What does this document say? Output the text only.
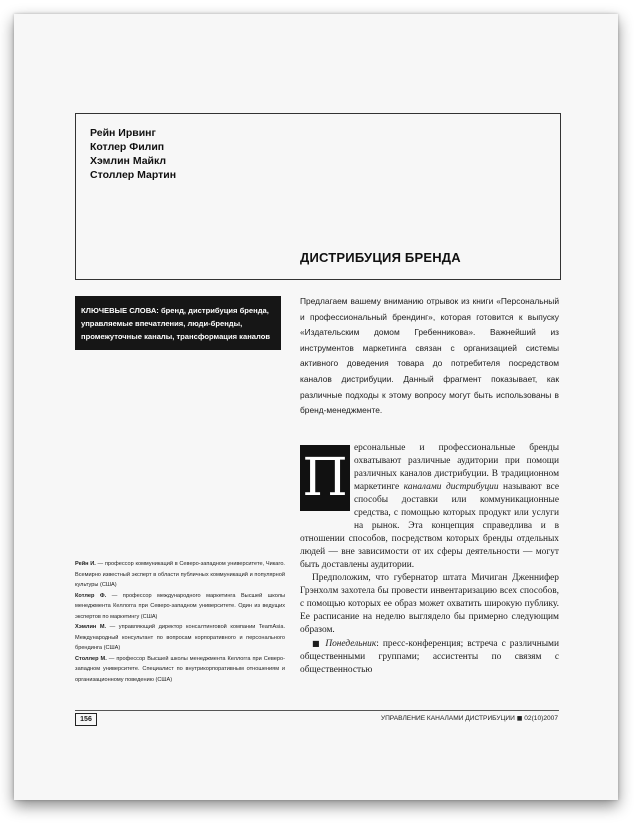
Рейн Ирвинг
Котлер Филип
Хэмлин Майкл
Столлер Мартин
ДИСТРИБУЦИЯ БРЕНДА
КЛЮЧЕВЫЕ СЛОВА: бренд, дистрибуция бренда, управляемые впечатления, люди-бренды, промежуточные каналы, трансформация каналов

Предлагаем вашему вниманию отрывок из книги «Персональный и профессиональный брендинг», которая готовится к выпуску «Издательским домом Гребенникова». Важнейший из инструментов маркетинга связан с организацией системы активного доведения товара до потребителя посредством каналов дистрибуции. Данный фрагмент показывает, как различные подходы к этому вопросу могут быть использованы в бренд-менеджменте.

П ерсональные и профессиональные бренды охватывают различные аудитории при помощи различных каналов дистрибуции. В традиционном маркетинге каналами дистрибуции называют все способы доставки или коммуникационные средства, с помощью которых продукт или услуги на рынок. Эта концепция справедлива и в отношении способов, посредством которых бренды отдельных людей — вне зависимости от их сферы деятельности — могут быть доставлены аудитории.

Предположим, что губернатор штата Мичиган Дженнифер Грэнхолм захотела бы провести инвентаризацию всех способов, с помощью которых ее образ может охватить широкую публику. Ее расписание на неделю выглядело бы примерно следующим образом.

■ Понедельник: пресс-конференция; встреча с различными общественными группами; ассистенты по связям с общественностью

Рейн И. — профессор коммуникаций в Северо-западном университете, Чикаго. Всемирно известный эксперт в области публичных коммуникаций и популярной культуры (США)

Котлер Ф. — профессор международного маркетинга Высшей школы менеджмента Келлогга при Северо-западном университете. Один из ведущих экспертов по маркетингу (США)

Хэмлин М. — управляющий директор консалтинговой компании TeamAsia. Международный консультант по вопросам корпоративного и персонального брендинга (США)

Столлер М. — профессор Высшей школы менеджмента Келлогга при Северо-западном университете. Специалист по внутрикорпоративным отношениям и организационному поведению (США)

156	УПРАВЛЕНИЕ КАНАЛАМИ ДИСТРИБУЦИИ ■ 02(10)2007
